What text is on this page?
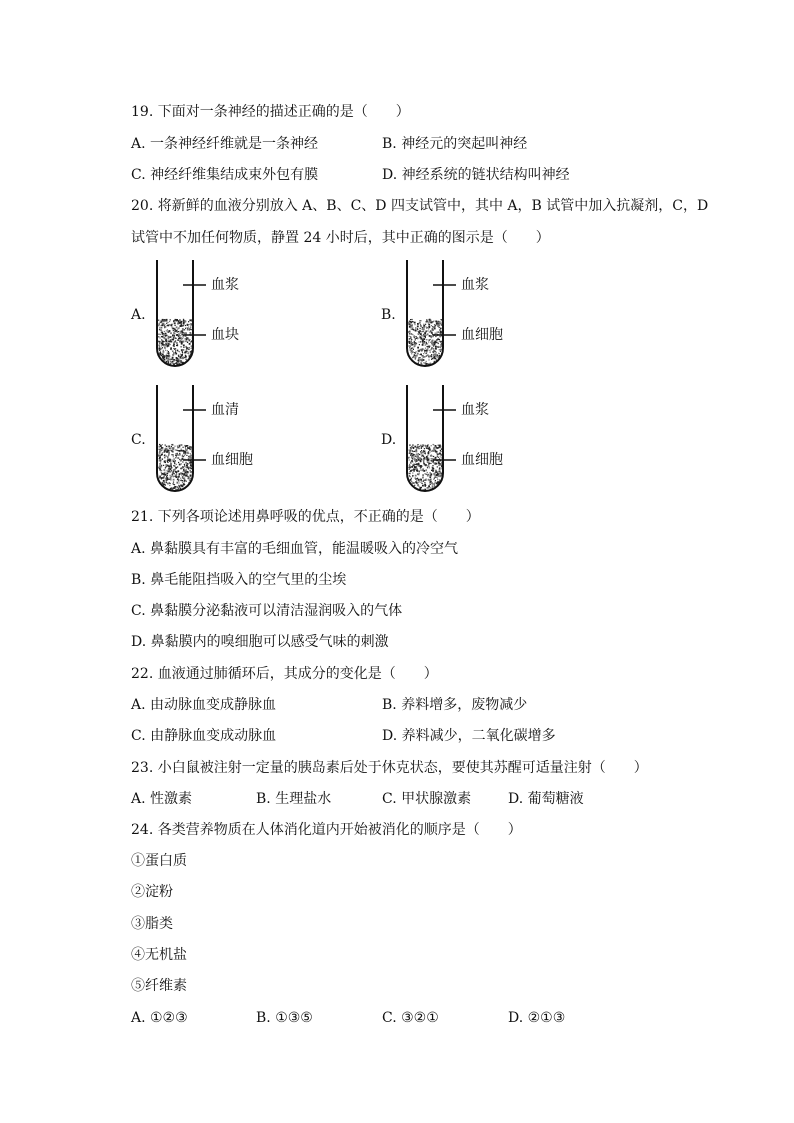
19. 下面对一条神经的描述正确的是（　　）
A. 一条神经纤维就是一条神经	B. 神经元的突起叫神经
C. 神经纤维集结成束外包有膜	D. 神经系统的链状结构叫神经
20. 将新鲜的血液分别放入 A、B、C、D 四支试管中，其中 A，B 试管中加入抗凝剂，C，D
试管中不加任何物质，静置 24 小时后，其中正确的图示是（　　）
A.
血浆
血块
B.
血浆
血细胞
C.
血清
血细胞
D.
血浆
血细胞
21. 下列各项论述用鼻呼吸的优点，不正确的是（　　）
A. 鼻黏膜具有丰富的毛细血管，能温暖吸入的冷空气
B. 鼻毛能阻挡吸入的空气里的尘埃
C. 鼻黏膜分泌黏液可以清洁湿润吸入的气体
D. 鼻黏膜内的嗅细胞可以感受气味的刺激
22. 血液通过肺循环后，其成分的变化是（　　）
A. 由动脉血变成静脉血	B. 养料增多，废物减少
C. 由静脉血变成动脉血	D. 养料减少，二氧化碳增多
23. 小白鼠被注射一定量的胰岛素后处于休克状态，要使其苏醒可适量注射（　　）
A. 性激素	B. 生理盐水	C. 甲状腺激素	D. 葡萄糖液
24. 各类营养物质在人体消化道内开始被消化的顺序是（　　）
①蛋白质
②淀粉
③脂类
④无机盐
⑤纤维素
A. ①②③	B. ①③⑤	C. ③②①	D. ②①③
